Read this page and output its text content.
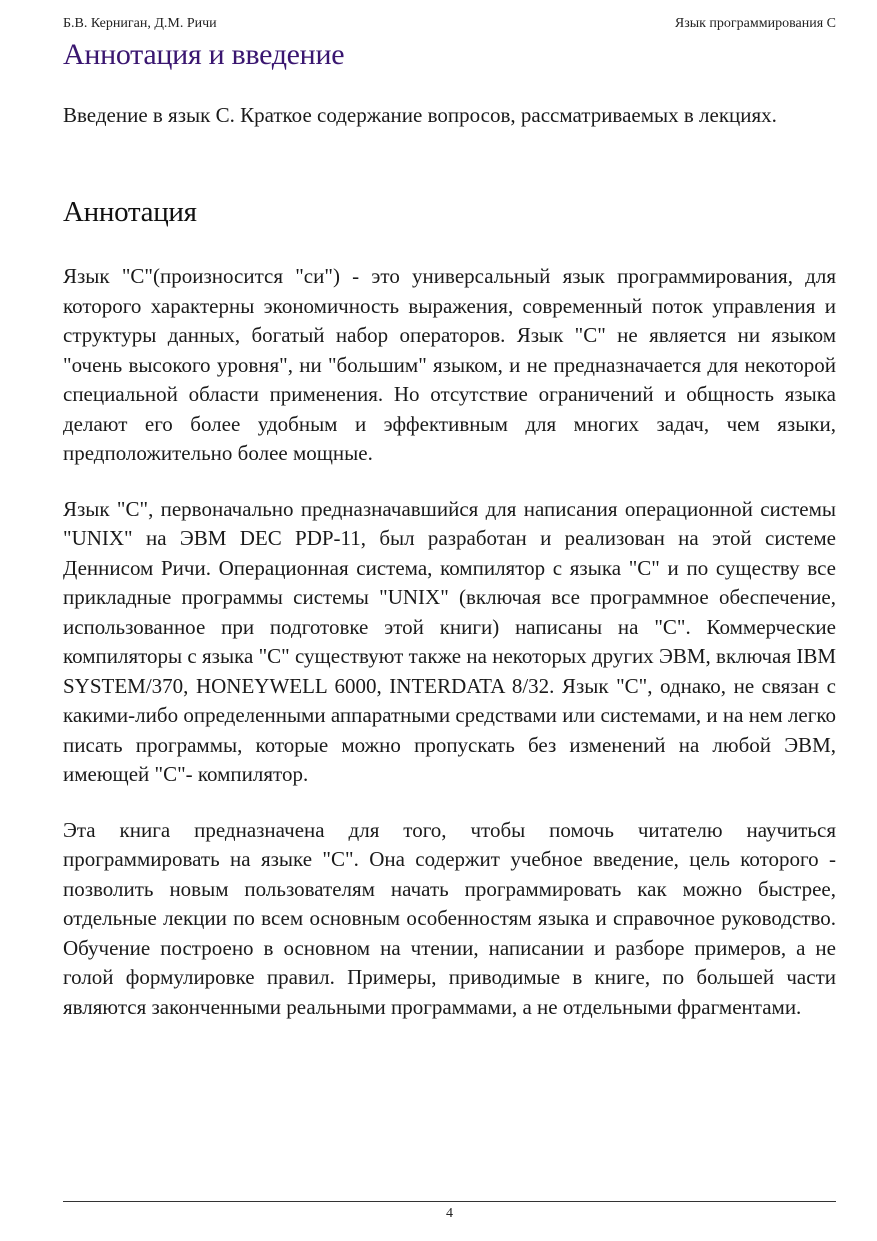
Б.В. Керниган, Д.М. Ричи	Язык программирования С
Аннотация и введение

Введение в язык С. Краткое содержание вопросов, рассматриваемых в лекциях.

Аннотация

Язык "C"(произносится "си") - это универсальный язык программирования, для которого характерны экономичность выражения, современный поток управления и структуры данных, богатый набор операторов. Язык "C" не является ни языком "очень высокого уровня", ни "большим" языком, и не предназначается для некоторой специальной области применения. Но отсутствие ограничений и общность языка делают его более удобным и эффективным для многих задач, чем языки, предположительно более мощные.

Язык "C", первоначально предназначавшийся для написания операционной системы "UNIX" на ЭВМ DEC PDP-11, был разработан и реализован на этой системе Деннисом Ричи. Операционная система, компилятор с языка "C" и по существу все прикладные программы системы "UNIX" (включая все программное обеспечение, использованное при подготовке этой книги) написаны на "C". Коммерческие компиляторы с языка "C" существуют также на некоторых других ЭВМ, включая IBM SYSTEM/370, HONEYWELL 6000, INTERDATA 8/32. Язык "C", однако, не связан с какими-либо определенными аппаратными средствами или системами, и на нем легко писать программы, которые можно пропускать без изменений на любой ЭВМ, имеющей "C"- компилятор.

Эта книга предназначена для того, чтобы помочь читателю научиться программировать на языке "C". Она содержит учебное введение, цель которого - позволить новым пользователям начать программировать как можно быстрее, отдельные лекции по всем основным особенностям языка и справочное руководство. Обучение построено в основном на чтении, написании и разборе примеров, а не голой формулировке правил. Примеры, приводимые в книге, по большей части являются законченными реальными программами, а не отдельными фрагментами.

4
